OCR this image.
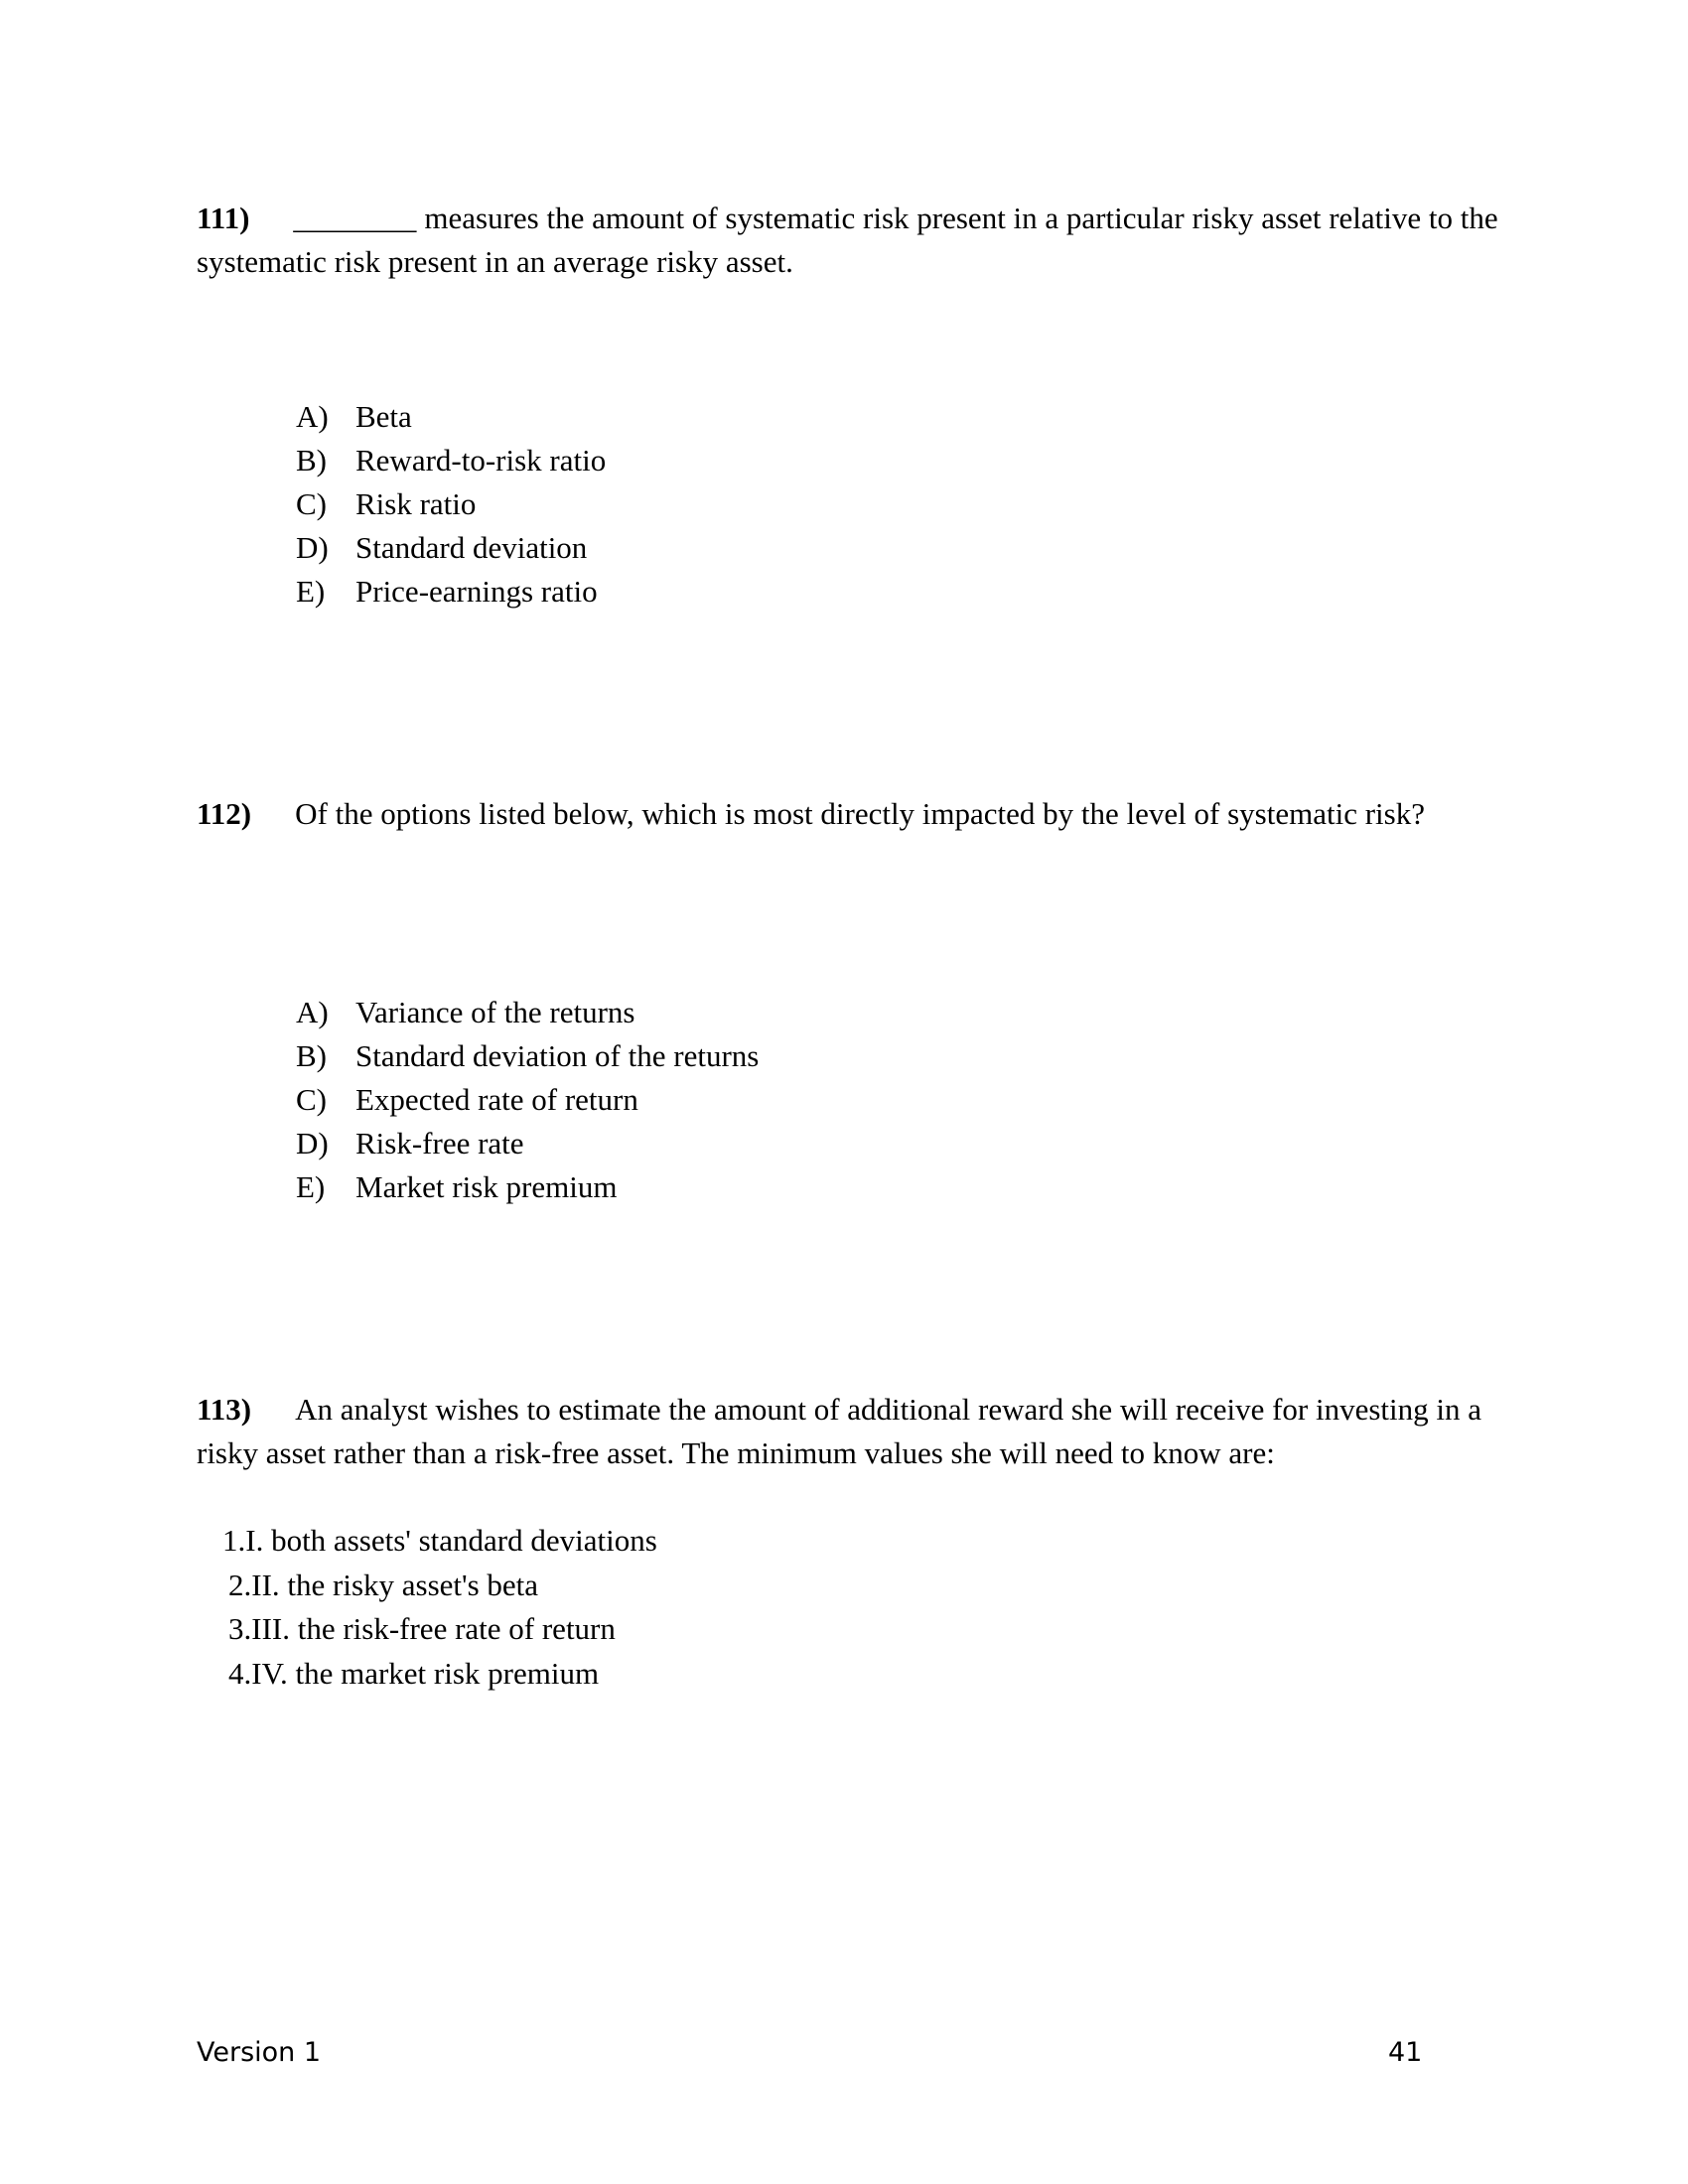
111) ________ measures the amount of systematic risk present in a particular risky asset relative to the systematic risk present in an average risky asset.

A) Beta
B) Reward-to-risk ratio
C) Risk ratio
D) Standard deviation
E) Price-earnings ratio

112) Of the options listed below, which is most directly impacted by the level of systematic risk?

A) Variance of the returns
B) Standard deviation of the returns
C) Expected rate of return
D) Risk-free rate
E) Market risk premium

113) An analyst wishes to estimate the amount of additional reward she will receive for investing in a risky asset rather than a risk-free asset. The minimum values she will need to know are:

1.I. both assets' standard deviations
2.II. the risky asset's beta
3.III. the risk-free rate of return
4.IV. the market risk premium
Version 1	41
